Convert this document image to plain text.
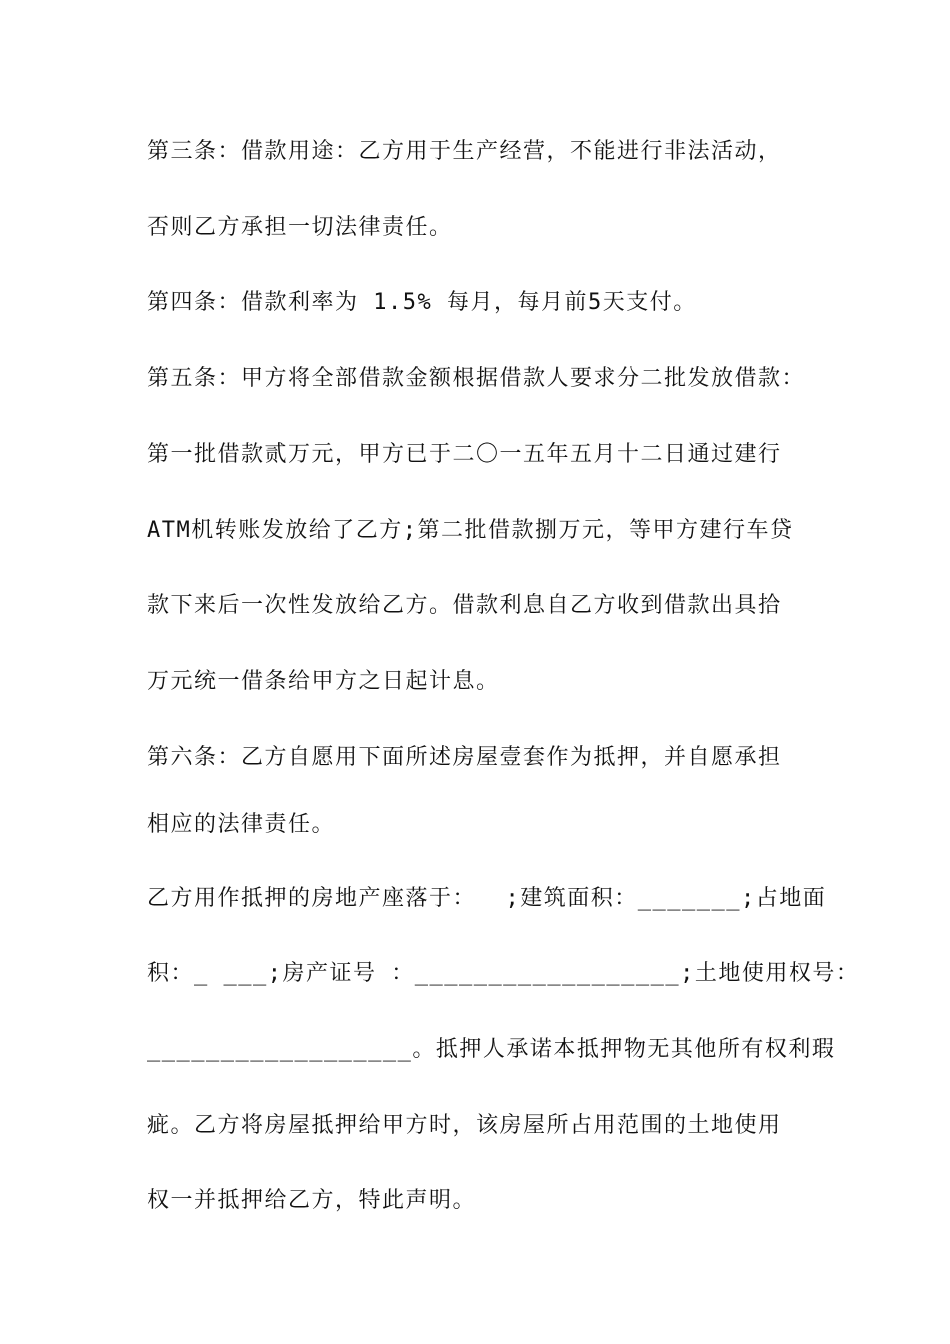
第三条：借款用途：乙方用于生产经营，不能进行非法活动，
否则乙方承担一切法律责任。
第四条：借款利率为 1.5% 每月，每月前5天支付。
第五条：甲方将全部借款金额根据借款人要求分二批发放借款：
第一批借款贰万元，甲方已于二〇一五年五月十二日通过建行
ATM机转账发放给了乙方;第二批借款捌万元，等甲方建行车贷
款下来后一次性发放给乙方。借款利息自乙方收到借款出具拾
万元统一借条给甲方之日起计息。
第六条：乙方自愿用下面所述房屋壹套作为抵押，并自愿承担
相应的法律责任。
乙方用作抵押的房地产座落于：  ;建筑面积：_______;占地面
积：_ ___;房产证号 ：__________________;土地使用权号：
__________________。抵押人承诺本抵押物无其他所有权利瑕
疵。乙方将房屋抵押给甲方时，该房屋所占用范围的土地使用
权一并抵押给乙方，特此声明。
